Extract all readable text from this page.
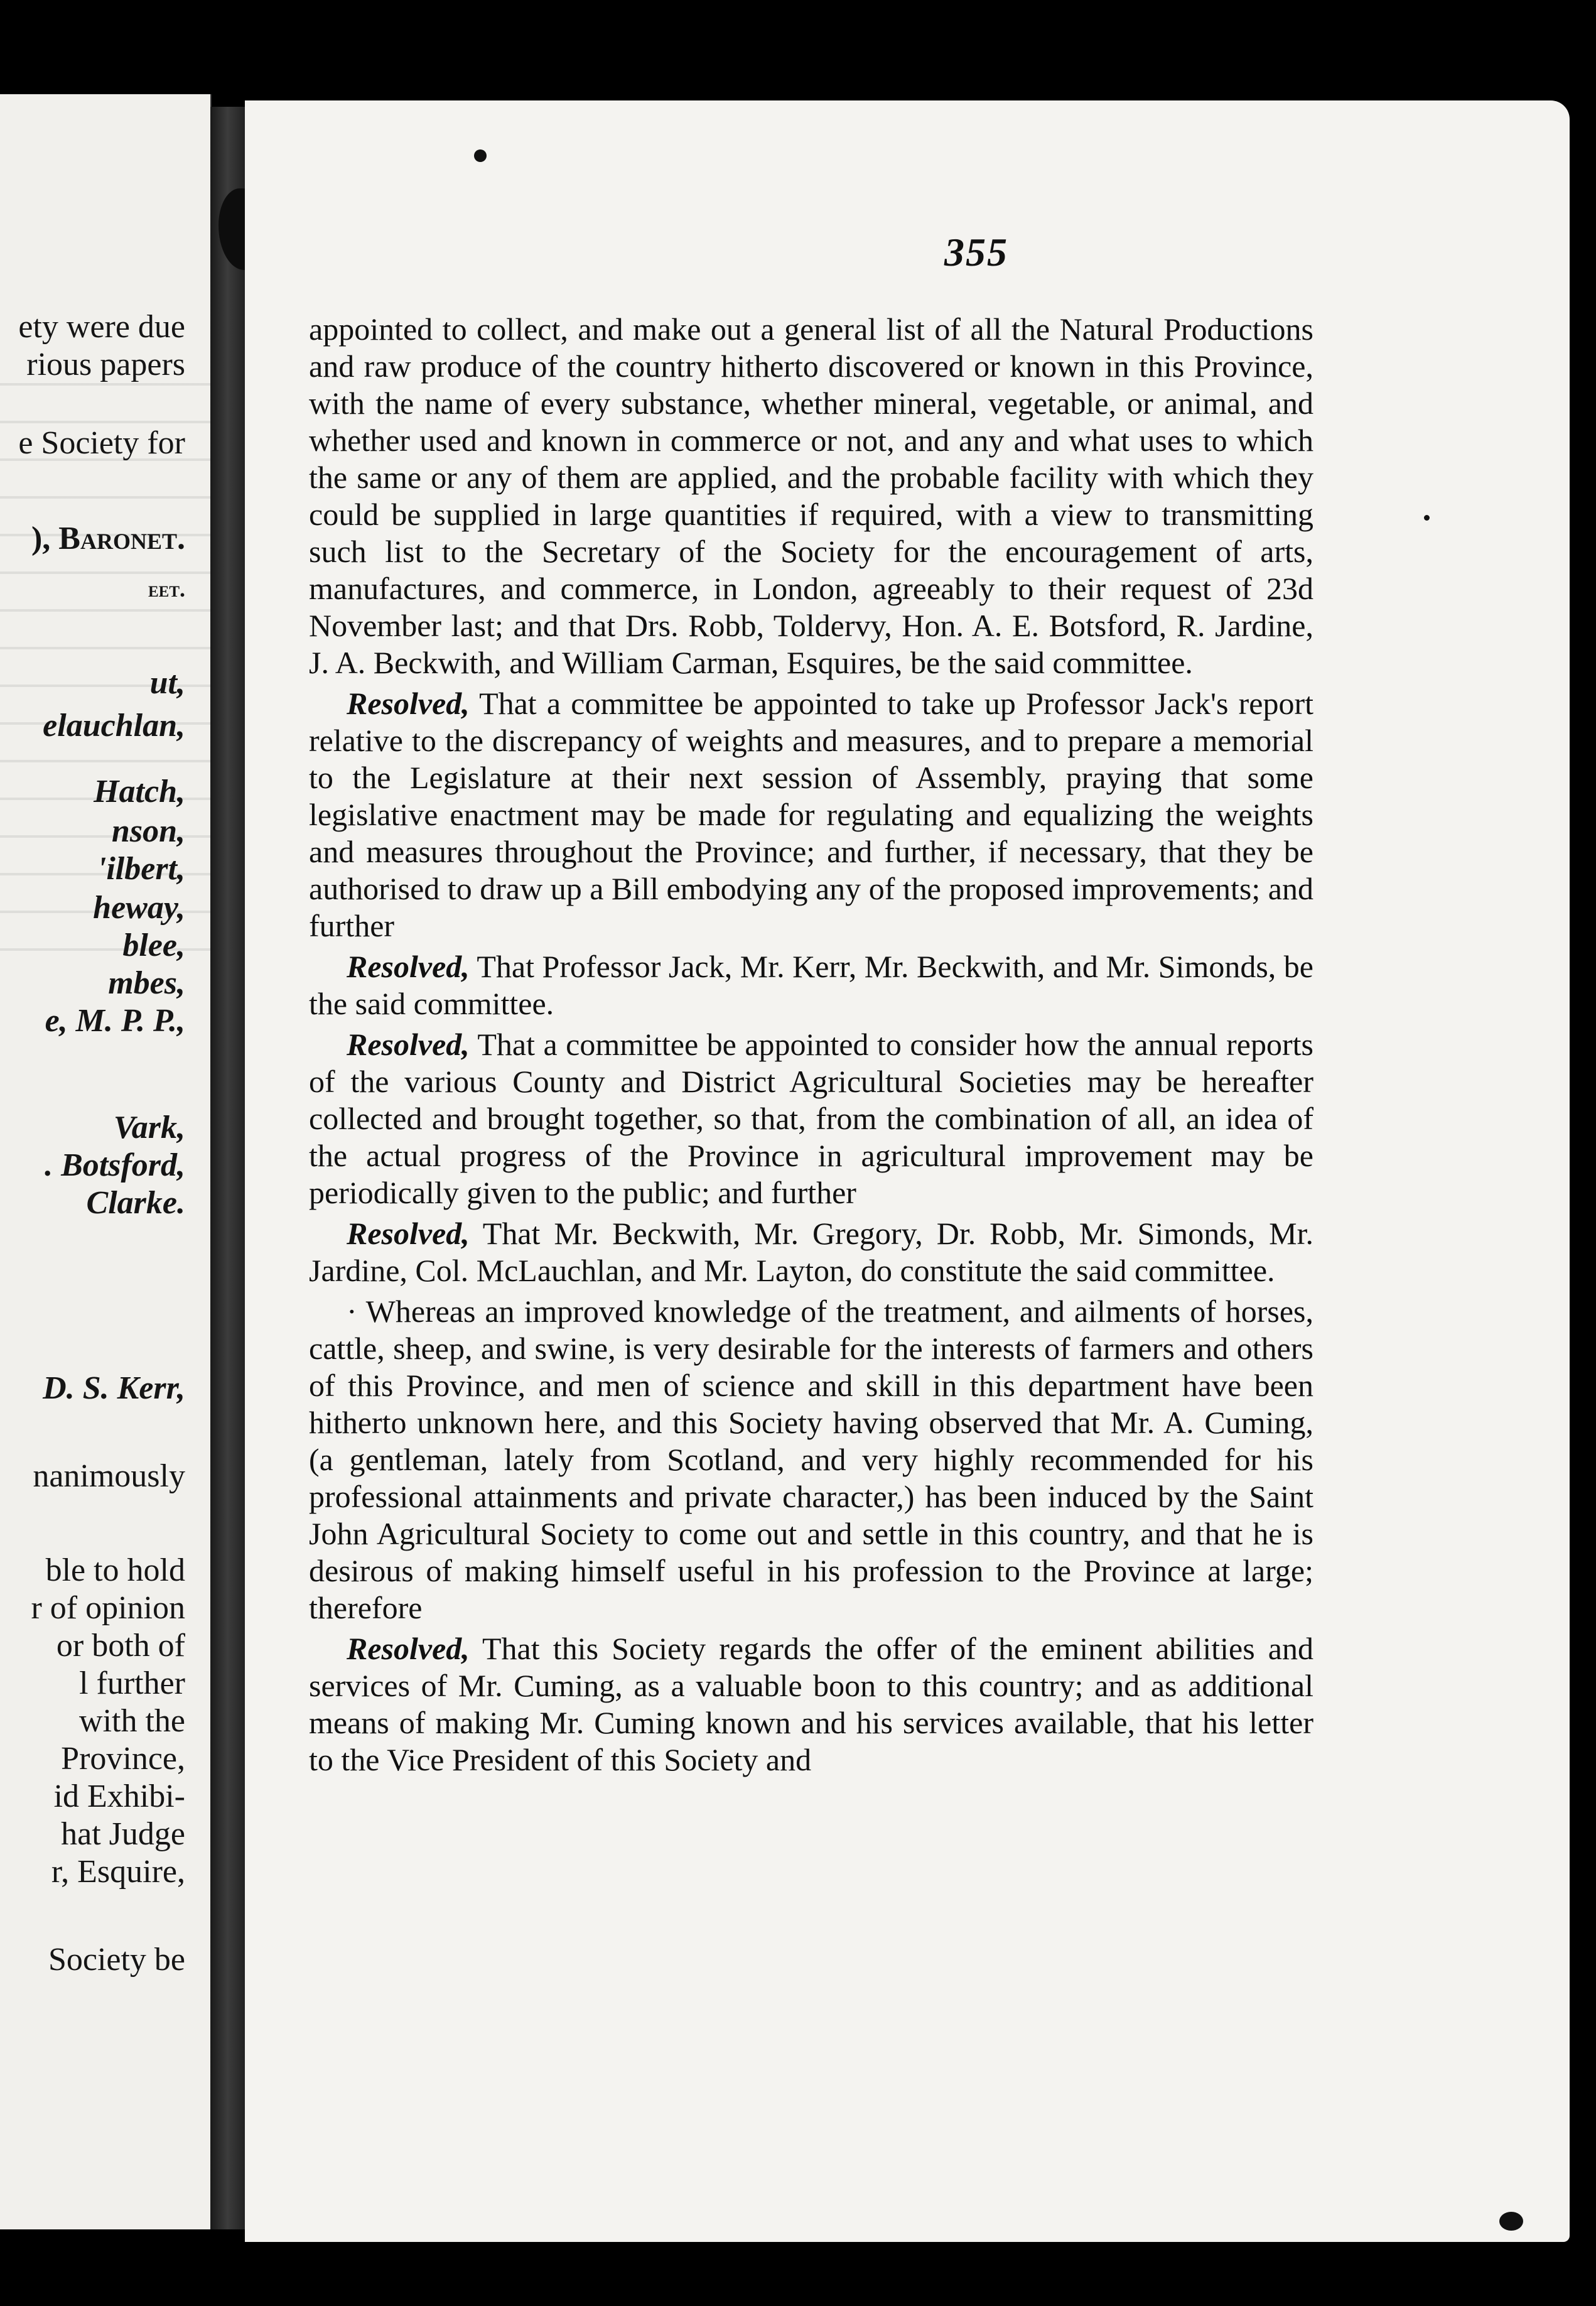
ety were due
rious papers
e Society for
), Baronet.
eet.
ut,
elauchlan,
Hatch,
nson,
'ilbert,
heway,
blee,
mbes,
e, M. P. P.,
Vark,
. Botsford,
Clarke.
D. S. Kerr,
nanimously
ble to hold
r of opinion
or both of
l further
with the
Province,
id Exhibi-
hat Judge
r, Esquire,
Society be
355

appointed to collect, and make out a general list of all the Natural Productions and raw produce of the country hitherto discovered or known in this Province, with the name of every substance, whether mineral, vegetable, or animal, and whether used and known in commerce or not, and any and what uses to which the same or any of them are applied, and the probable facility with which they could be supplied in large quantities if required, with a view to transmitting such list to the Secretary of the Society for the encouragement of arts, manufactures, and commerce, in London, agreeably to their request of 23d November last; and that Drs. Robb, Toldervy, Hon. A. E. Botsford, R. Jardine, J. A. Beckwith, and William Carman, Esquires, be the said committee.

Resolved, That a committee be appointed to take up Professor Jack's report relative to the discrepancy of weights and measures, and to prepare a memorial to the Legislature at their next session of Assembly, praying that some legislative enactment may be made for regulating and equalizing the weights and measures throughout the Province; and further, if necessary, that they be authorised to draw up a Bill embodying any of the proposed improvements; and further

Resolved, That Professor Jack, Mr. Kerr, Mr. Beckwith, and Mr. Simonds, be the said committee.

Resolved, That a committee be appointed to consider how the annual reports of the various County and District Agricultural Societies may be hereafter collected and brought together, so that, from the combination of all, an idea of the actual progress of the Province in agricultural improvement may be periodically given to the public; and further

Resolved, That Mr. Beckwith, Mr. Gregory, Dr. Robb, Mr. Simonds, Mr. Jardine, Col. McLauchlan, and Mr. Layton, do constitute the said committee.

· Whereas an improved knowledge of the treatment, and ailments of horses, cattle, sheep, and swine, is very desirable for the interests of farmers and others of this Province, and men of science and skill in this department have been hitherto unknown here, and this Society having observed that Mr. A. Cuming, (a gentleman, lately from Scotland, and very highly recommended for his professional attainments and private character,) has been induced by the Saint John Agricultural Society to come out and settle in this country, and that he is desirous of making himself useful in his profession to the Province at large; therefore

Resolved, That this Society regards the offer of the eminent abilities and services of Mr. Cuming, as a valuable boon to this country; and as additional means of making Mr. Cuming known and his services available, that his letter to the Vice President of this Society and
